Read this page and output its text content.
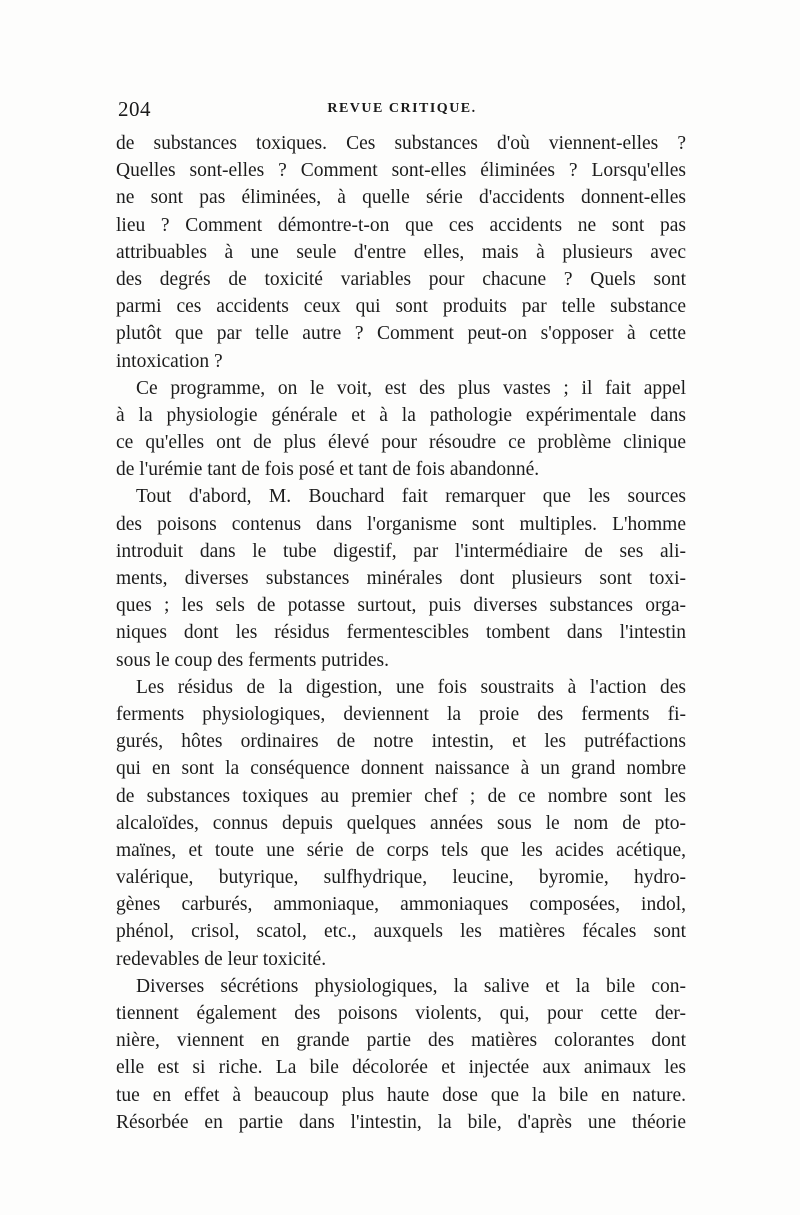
204	REVUE CRITIQUE.
de substances toxiques. Ces substances d'où viennent-elles ?
Quelles sont-elles ? Comment sont-elles éliminées ? Lorsqu'elles
ne sont pas éliminées, à quelle série d'accidents donnent-elles
lieu ? Comment démontre-t-on que ces accidents ne sont pas
attribuables à une seule d'entre elles, mais à plusieurs avec
des degrés de toxicité variables pour chacune ? Quels sont
parmi ces accidents ceux qui sont produits par telle substance
plutôt que par telle autre ? Comment peut-on s'opposer à cette
intoxication ?
Ce programme, on le voit, est des plus vastes ; il fait appel
à la physiologie générale et à la pathologie expérimentale dans
ce qu'elles ont de plus élevé pour résoudre ce problème clinique
de l'urémie tant de fois posé et tant de fois abandonné.
Tout d'abord, M. Bouchard fait remarquer que les sources
des poisons contenus dans l'organisme sont multiples. L'homme
introduit dans le tube digestif, par l'intermédiaire de ses ali-
ments, diverses substances minérales dont plusieurs sont toxi-
ques ; les sels de potasse surtout, puis diverses substances orga-
niques dont les résidus fermentescibles tombent dans l'intestin
sous le coup des ferments putrides.
Les résidus de la digestion, une fois soustraits à l'action des
ferments physiologiques, deviennent la proie des ferments fi-
gurés, hôtes ordinaires de notre intestin, et les putréfactions
qui en sont la conséquence donnent naissance à un grand nombre
de substances toxiques au premier chef ; de ce nombre sont les
alcaloïdes, connus depuis quelques années sous le nom de pto-
maïnes, et toute une série de corps tels que les acides acétique,
valérique, butyrique, sulfhydrique, leucine, byromie, hydro-
gènes carburés, ammoniaque, ammoniaques composées, indol,
phénol, crisol, scatol, etc., auxquels les matières fécales sont
redevables de leur toxicité.
Diverses sécrétions physiologiques, la salive et la bile con-
tiennent également des poisons violents, qui, pour cette der-
nière, viennent en grande partie des matières colorantes dont
elle est si riche. La bile décolorée et injectée aux animaux les
tue en effet à beaucoup plus haute dose que la bile en nature.
Résorbée en partie dans l'intestin, la bile, d'après une théorie
